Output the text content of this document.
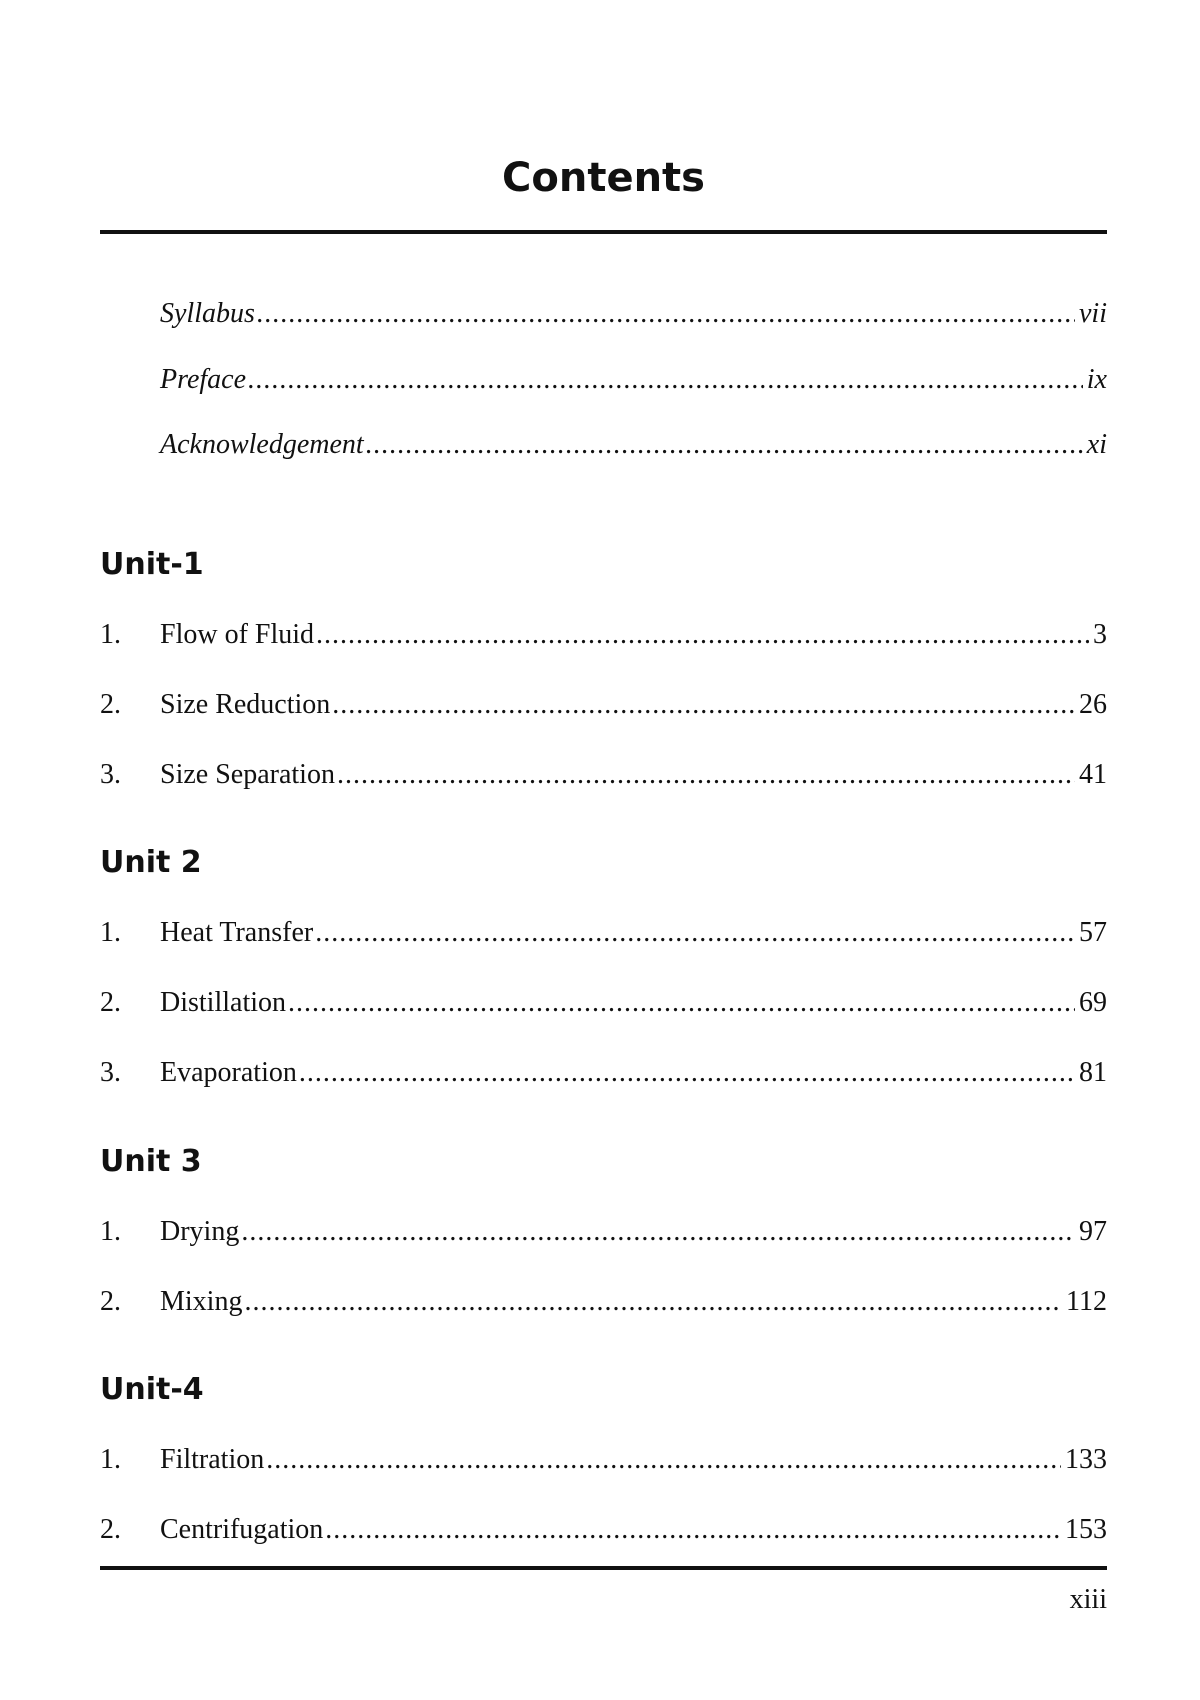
Contents
Syllabus .....	vii
Preface .....	ix
Acknowledgement .....	xi
Unit-1
1.	Flow of Fluid .....	3
2.	Size Reduction .....	26
3.	Size Separation .....	41
Unit 2
1.	Heat Transfer .....	57
2.	Distillation .....	69
3.	Evaporation .....	81
Unit 3
1.	Drying .....	97
2.	Mixing .....	112
Unit-4
1.	Filtration .....	133
2.	Centrifugation .....	153
xiii
